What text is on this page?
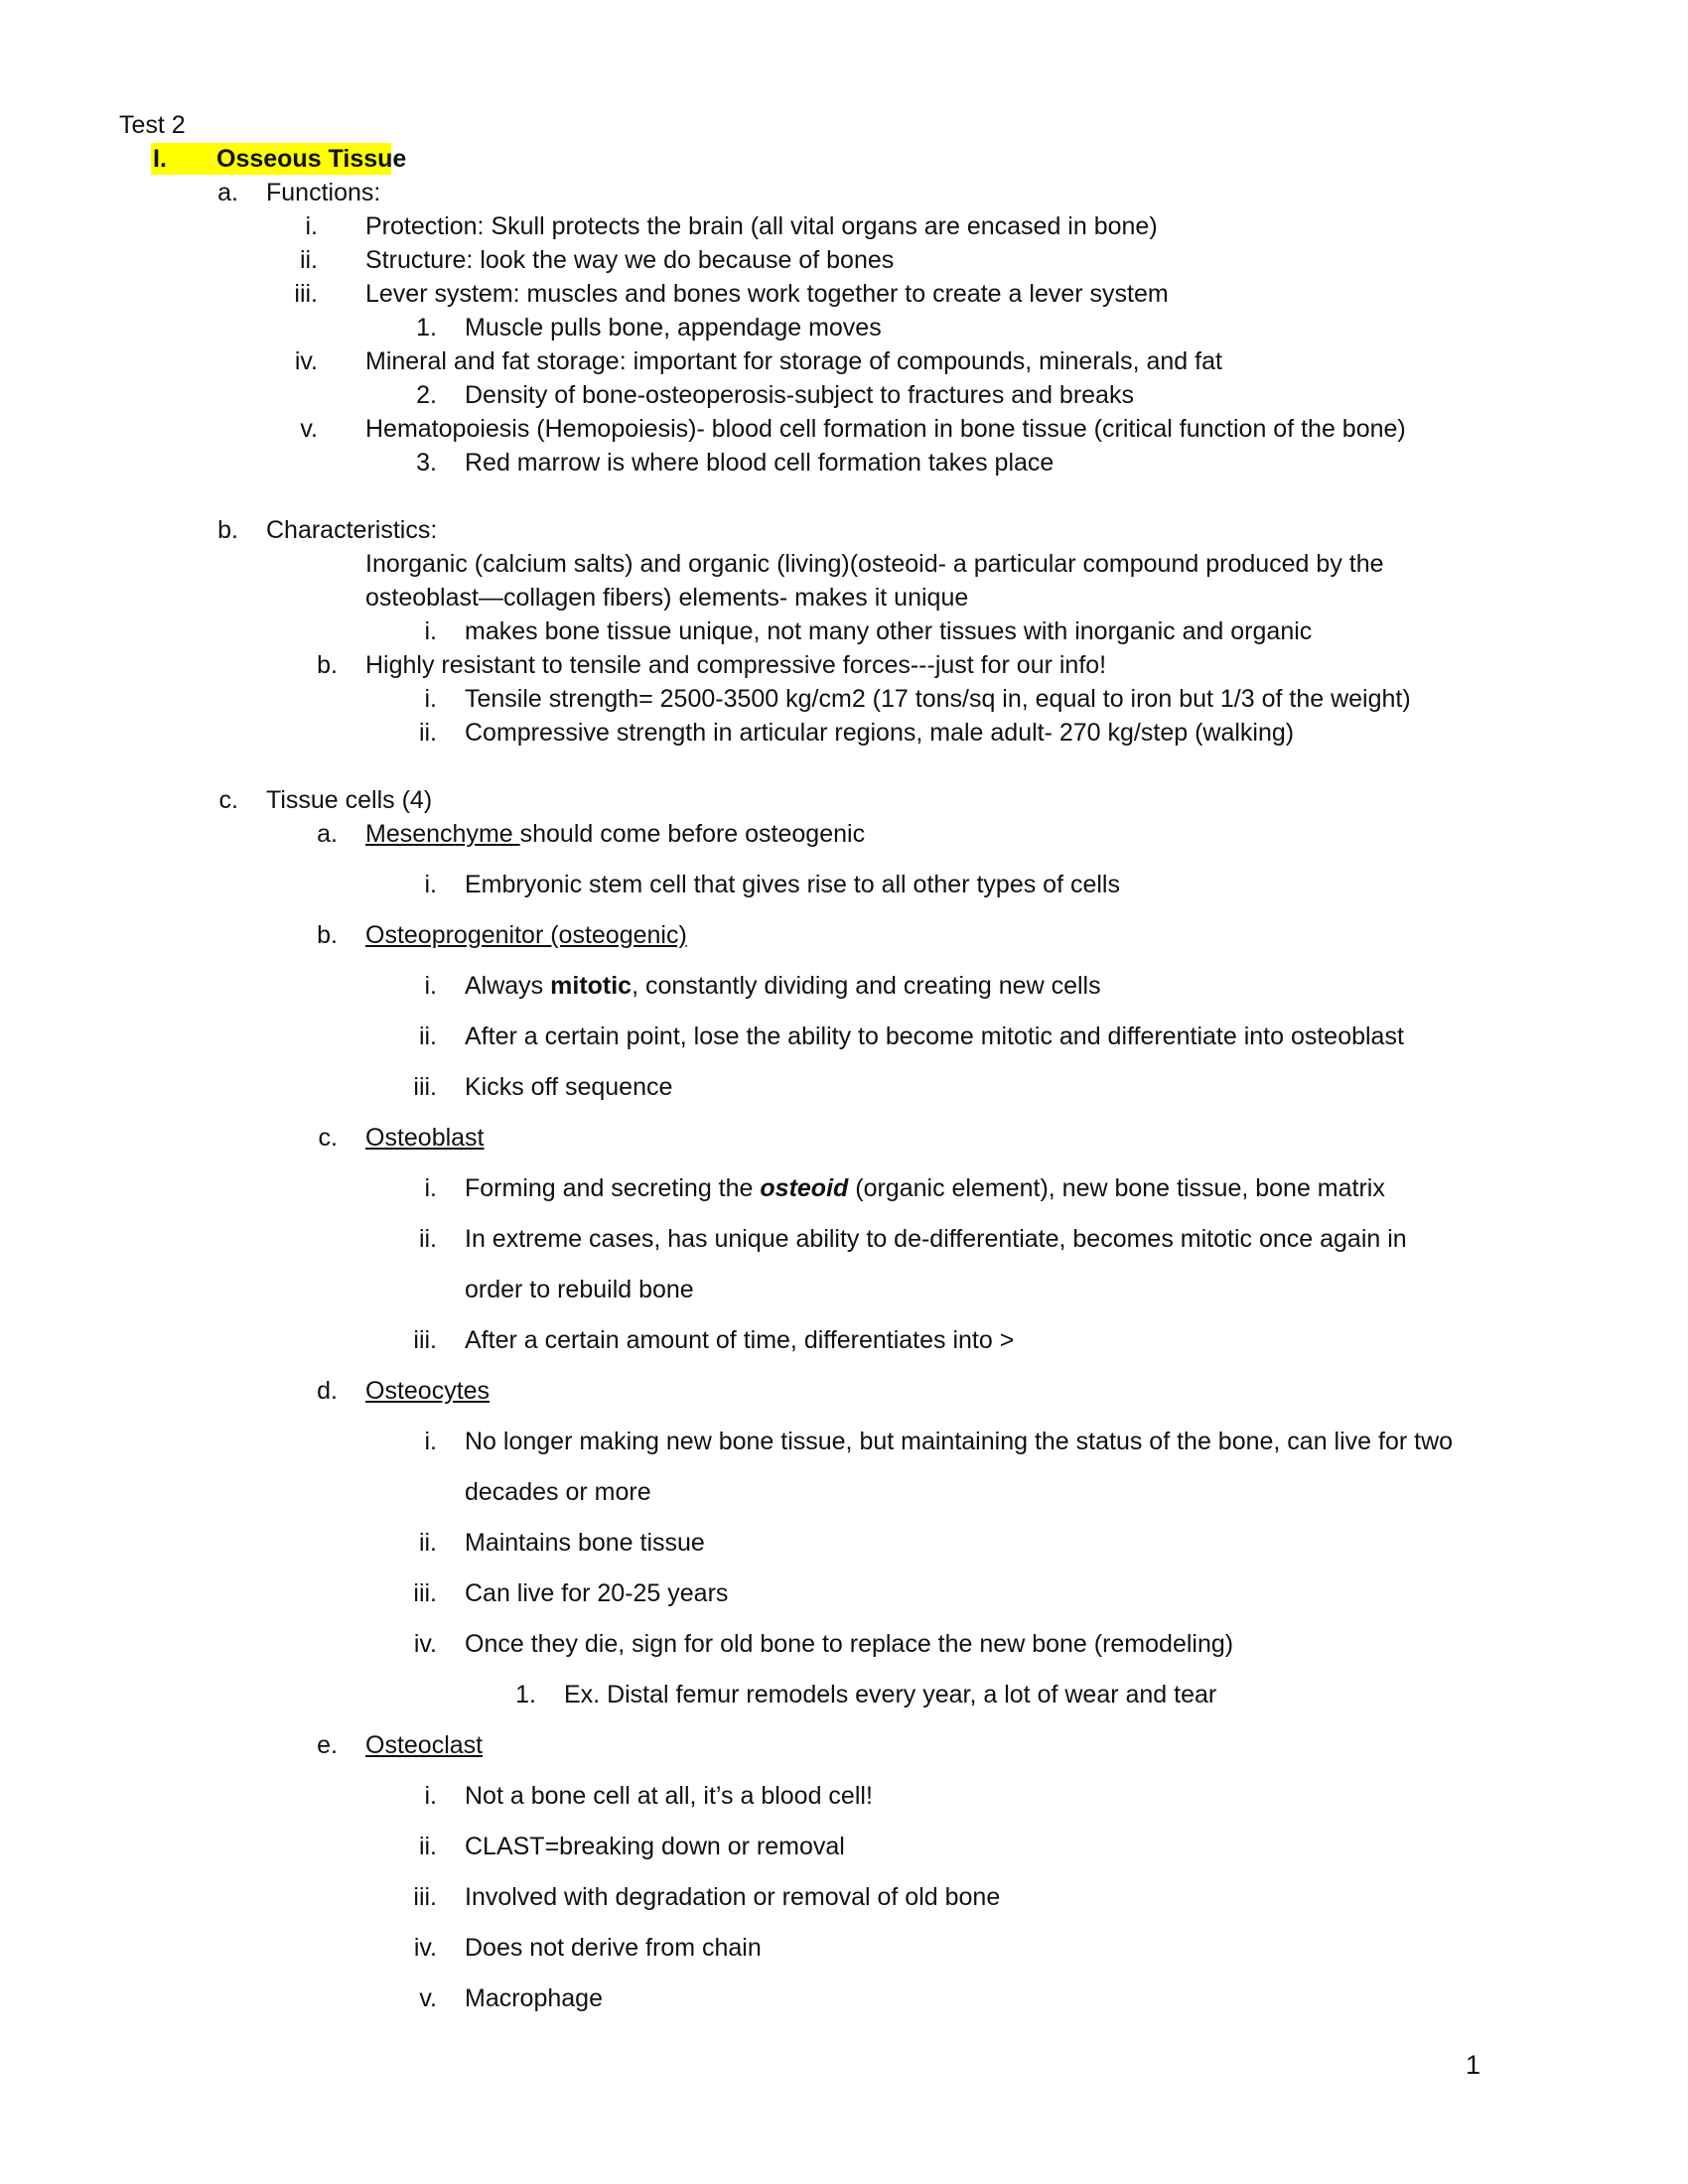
Test 2
I. Osseous Tissue
a. Functions:
i. Protection: Skull protects the brain (all vital organs are encased in bone)
ii. Structure: look the way we do because of bones
iii. Lever system: muscles and bones work together to create a lever system
1. Muscle pulls bone, appendage moves
iv. Mineral and fat storage: important for storage of compounds, minerals, and fat
2. Density of bone-osteoperosis-subject to fractures and breaks
v. Hematopoiesis (Hemopoiesis)- blood cell formation in bone tissue (critical function of the bone)
3. Red marrow is where blood cell formation takes place
b. Characteristics:
Inorganic (calcium salts) and organic (living)(osteoid- a particular compound produced by the
osteoblast—collagen fibers) elements- makes it unique
i. makes bone tissue unique, not many other tissues with inorganic and organic
b. Highly resistant to tensile and compressive forces---just for our info!
i. Tensile strength= 2500-3500 kg/cm2 (17 tons/sq in, equal to iron but 1/3 of the weight)
ii. Compressive strength in articular regions, male adult- 270 kg/step (walking)
c. Tissue cells (4)
a. Mesenchyme should come before osteogenic
i. Embryonic stem cell that gives rise to all other types of cells
b. Osteoprogenitor (osteogenic)
i. Always mitotic, constantly dividing and creating new cells
ii. After a certain point, lose the ability to become mitotic and differentiate into osteoblast
iii. Kicks off sequence
c. Osteoblast
i. Forming and secreting the osteoid (organic element), new bone tissue, bone matrix
ii. In extreme cases, has unique ability to de-differentiate, becomes mitotic once again in
order to rebuild bone
iii. After a certain amount of time, differentiates into >
d. Osteocytes
i. No longer making new bone tissue, but maintaining the status of the bone, can live for two
decades or more
ii. Maintains bone tissue
iii. Can live for 20-25 years
iv. Once they die, sign for old bone to replace the new bone (remodeling)
1. Ex. Distal femur remodels every year, a lot of wear and tear
e. Osteoclast
i. Not a bone cell at all, it’s a blood cell!
ii. CLAST=breaking down or removal
iii. Involved with degradation or removal of old bone
iv. Does not derive from chain
v. Macrophage
1
